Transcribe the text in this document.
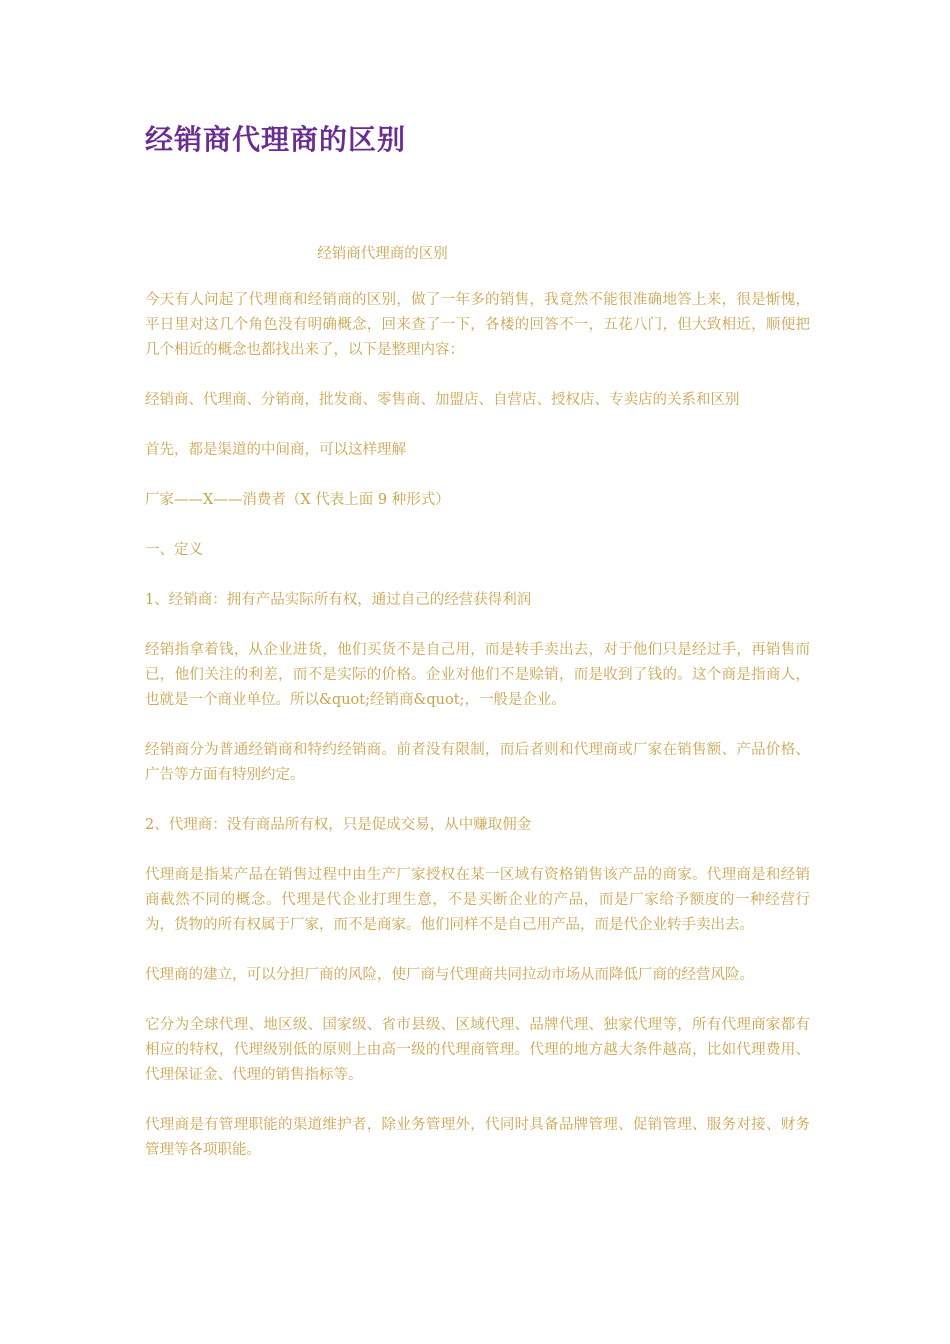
经销商代理商的区别
经销商代理商的区别

今天有人问起了代理商和经销商的区别，做了一年多的销售，我竟然不能很准确地答上来，很是惭愧，平日里对这几个角色没有明确概念，回来查了一下，各楼的回答不一，五花八门，但大致相近，顺便把几个相近的概念也都找出来了，以下是整理内容：

经销商、代理商、分销商，批发商、零售商、加盟店、自营店、授权店、专卖店的关系和区别

首先，都是渠道的中间商，可以这样理解

厂家——X——消费者（X 代表上面 9 种形式）

一、定义

1、经销商：拥有产品实际所有权，通过自己的经营获得利润

经销指拿着钱，从企业进货，他们买货不是自己用，而是转手卖出去，对于他们只是经过手，再销售而已，他们关注的利差，而不是实际的价格。企业对他们不是赊销，而是收到了钱的。这个商是指商人，也就是一个商业单位。所以&quot;经销商&quot;，一般是企业。

经销商分为普通经销商和特约经销商。前者没有限制，而后者则和代理商或厂家在销售额、产品价格、广告等方面有特别约定。

2、代理商：没有商品所有权，只是促成交易，从中赚取佣金

代理商是指某产品在销售过程中由生产厂家授权在某一区域有资格销售该产品的商家。代理商是和经销商截然不同的概念。代理是代企业打理生意，不是买断企业的产品，而是厂家给予额度的一种经营行为，货物的所有权属于厂家，而不是商家。他们同样不是自己用产品，而是代企业转手卖出去。

代理商的建立，可以分担厂商的风险，使厂商与代理商共同拉动市场从而降低厂商的经营风险。

它分为全球代理、地区级、国家级、省市县级、区域代理、品牌代理、独家代理等，所有代理商家都有相应的特权，代理级别低的原则上由高一级的代理商管理。代理的地方越大条件越高，比如代理费用、代理保证金、代理的销售指标等。

代理商是有管理职能的渠道维护者，除业务管理外，代同时具备品牌管理、促销管理、服务对接、财务管理等各项职能。
